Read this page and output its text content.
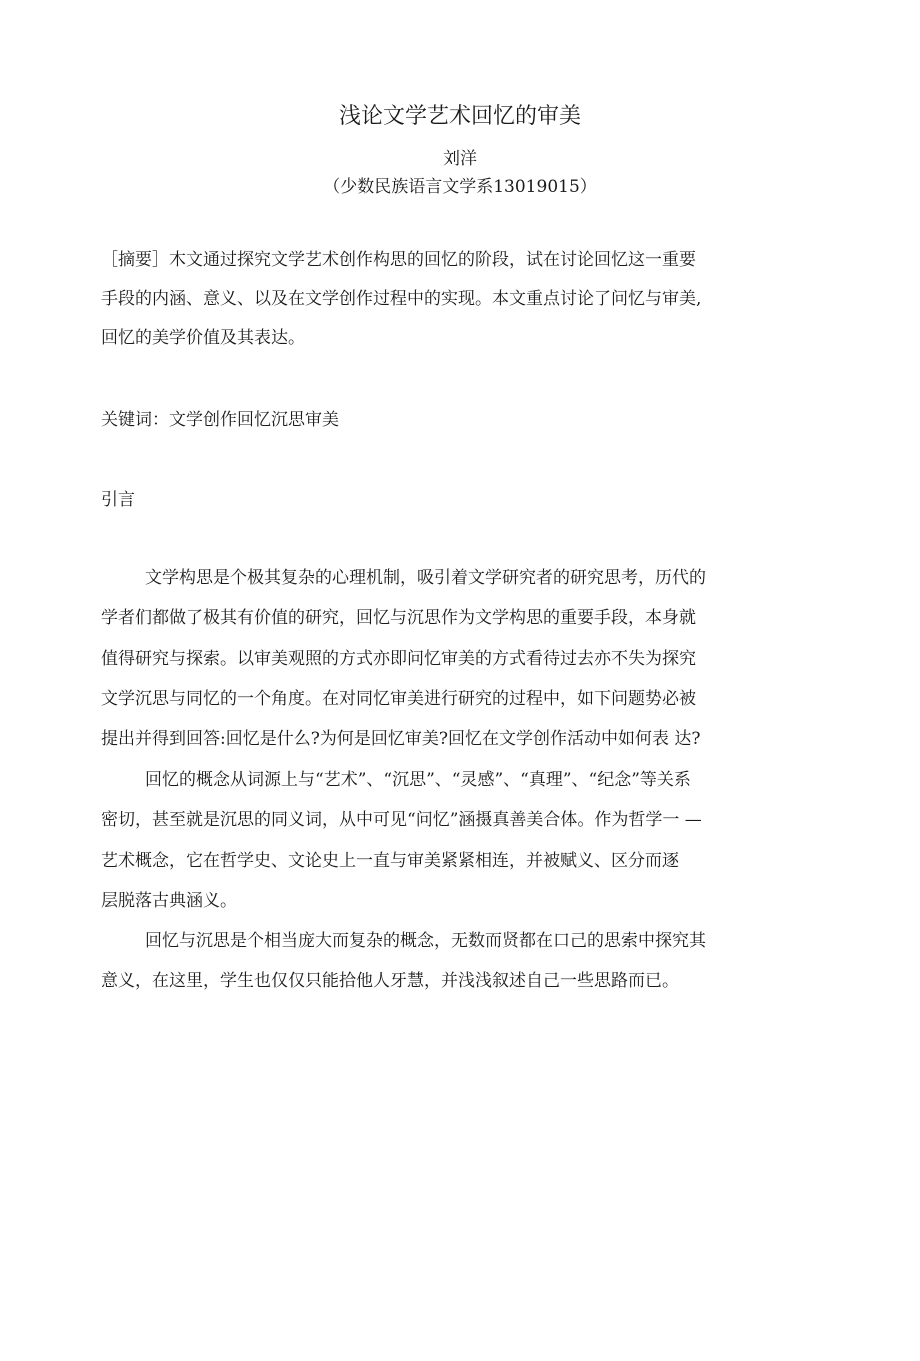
浅论文学艺术回忆的审美
刘洋
（少数民族语言文学系13019015）
［摘要］木文通过探究文学艺术创作构思的回忆的阶段，试在讨论回忆这一重要
手段的内涵、意义、以及在文学创作过程中的实现。本文重点讨论了问忆与审美,
回忆的美学价值及其表达。
关键词：文学创作回忆沉思审美
引言
文学构思是个极其复杂的心理机制，吸引着文学研究者的研究思考，历代的
学者们都做了极其有价值的研究，回忆与沉思作为文学构思的重要手段，本身就
值得研究与探索。以审美观照的方式亦即问忆审美的方式看待过去亦不失为探究
文学沉思与同忆的一个角度。在对同忆审美进行研究的过程中，如下问题势必被
提出并得到回答:回忆是什么?为何是回忆审美?回忆在文学创作活动中如何表 达?
回忆的概念从词源上与“艺术”、“沉思”、“灵感”、“真理”、“纪念”等关系
密切，甚至就是沉思的同义词，从中可见“问忆”涵摄真善美合体。作为哲学一 —
艺术概念，它在哲学史、文论史上一直与审美紧紧相连，并被赋义、区分而逐
层脱落古典涵义。
回忆与沉思是个相当庞大而复杂的概念，无数而贤都在口己的思索中探究其
意义，在这里，学生也仅仅只能拾他人牙慧，并浅浅叙述自己一些思路而已。
